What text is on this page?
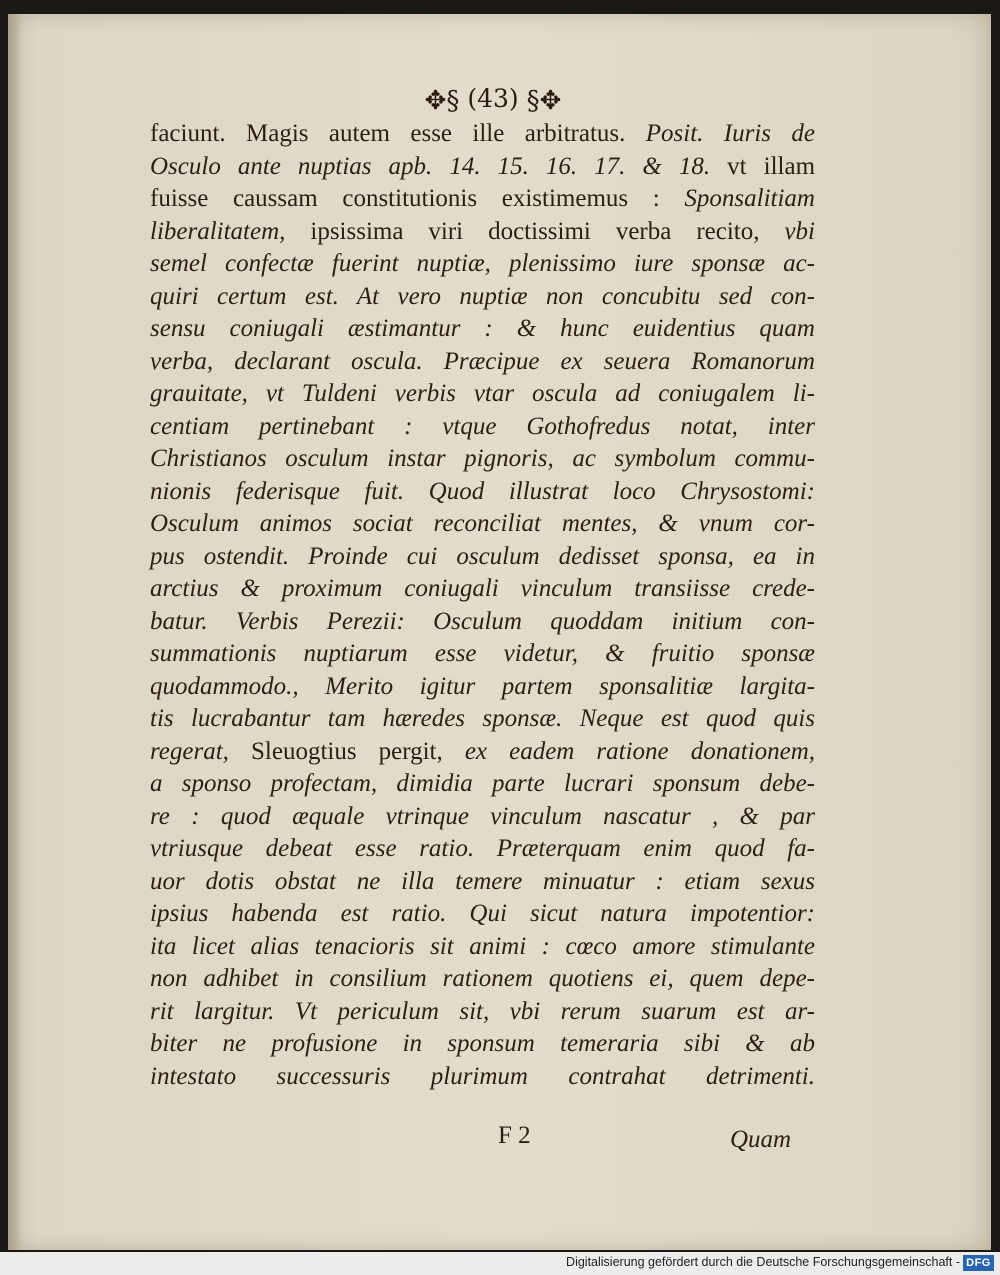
✥§ (43) §✥
faciunt. Magis autem esse ille arbitratus. Posit. Iuris de
Osculo ante nuptias apb. 14. 15. 16. 17. & 18. vt illam
fuisse caussam constitutionis existimemus : Sponsalitiam
liberalitatem, ipsissima viri doctissimi verba recito, vbi
semel confectæ fuerint nuptiæ, plenissimo iure sponsæ ac-
quiri certum est. At vero nuptiæ non concubitu sed con-
sensu coniugali æstimantur : & hunc euidentius quam
verba, declarant oscula. Præcipue ex seuera Romanorum
grauitate, vt Tuldeni verbis vtar oscula ad coniugalem li-
centiam pertinebant : vtque Gothofredus notat, inter
Christianos osculum instar pignoris, ac symbolum commu-
nionis federisque fuit. Quod illustrat loco Chrysostomi:
Osculum animos sociat reconciliat mentes, & vnum cor-
pus ostendit. Proinde cui osculum dedisset sponsa, ea in
arctius & proximum coniugali vinculum transiisse crede-
batur. Verbis Perezii: Osculum quoddam initium con-
summationis nuptiarum esse videtur, & fruitio sponsæ
quodammodo., Merito igitur partem sponsalitiæ largita-
tis lucrabantur tam hæredes sponsæ. Neque est quod quis
regerat, Sleuogtius pergit, ex eadem ratione donationem,
a sponso profectam, dimidia parte lucrari sponsum debe-
re : quod æquale vtrinque vinculum nascatur , & par
vtriusque debeat esse ratio. Prӕterquam enim quod fa-
uor dotis obstat ne illa temere minuatur : etiam sexus
ipsius habenda est ratio. Qui sicut natura impotentior:
ita licet alias tenacioris sit animi : cœco amore stimulante
non adhibet in consilium rationem quotiens ei, quem depe-
rit largitur. Vt periculum sit, vbi rerum suarum est ar-
biter ne profusione in sponsum temeraria sibi & ab
intestato successuris plurimum contrahat detrimenti.
F 2	Quam
Digitalisierung gefördert durch die Deutsche Forschungsgemeinschaft - DFG
